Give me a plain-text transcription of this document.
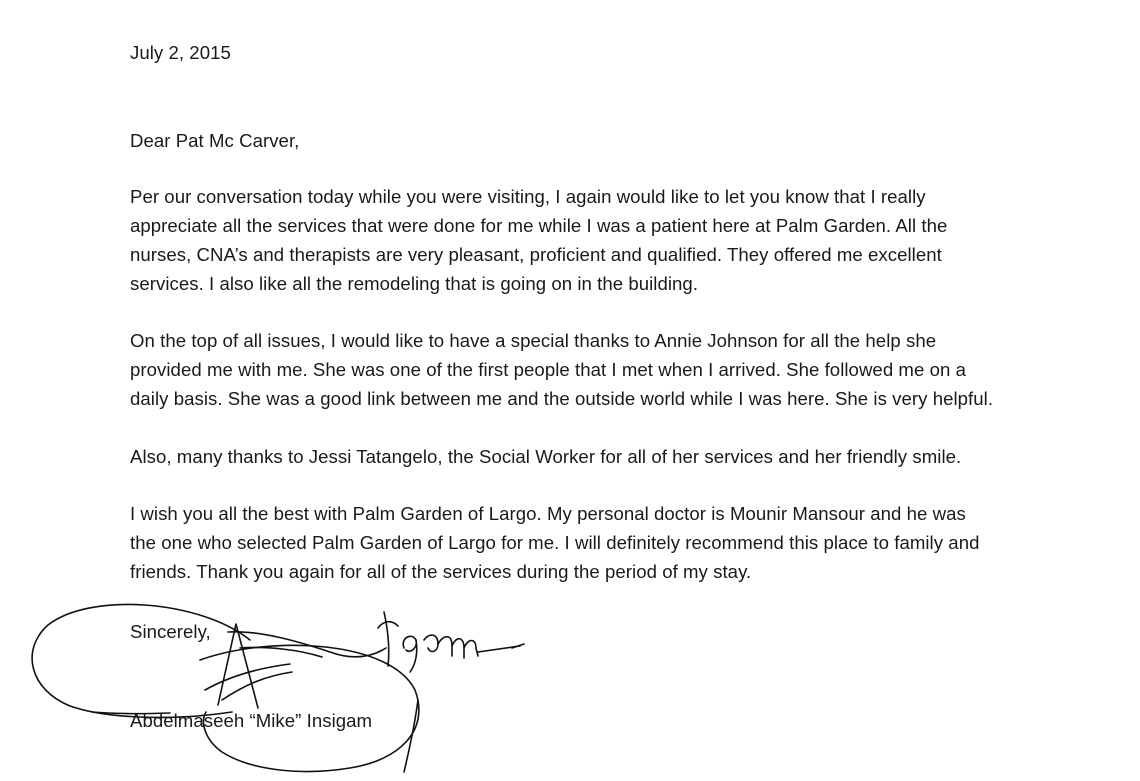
July 2, 2015
Dear Pat Mc Carver,
Per our conversation today while you were visiting, I again would like to let you know that I really
appreciate all the services that were done for me while I was a patient here at Palm Garden. All the
nurses, CNA’s and therapists are very pleasant, proficient and qualified. They offered me excellent
services. I also like all the remodeling that is going on in the building.
On the top of all issues, I would like to have a special thanks to Annie Johnson for all the help she
provided me with me. She was one of the first people that I met when I arrived. She followed me on a
daily basis. She was a good link between me and the outside world while I was here. She is very helpful.
Also, many thanks to Jessi Tatangelo, the Social Worker for all of her services and her friendly smile.
I wish you all the best with Palm Garden of Largo. My personal doctor is Mounir Mansour and he was
the one who selected Palm Garden of Largo for me. I will definitely recommend this place to family and
friends. Thank you again for all of the services during the period of my stay.
Sincerely,
Abdelmaseeh “Mike” Insigam
